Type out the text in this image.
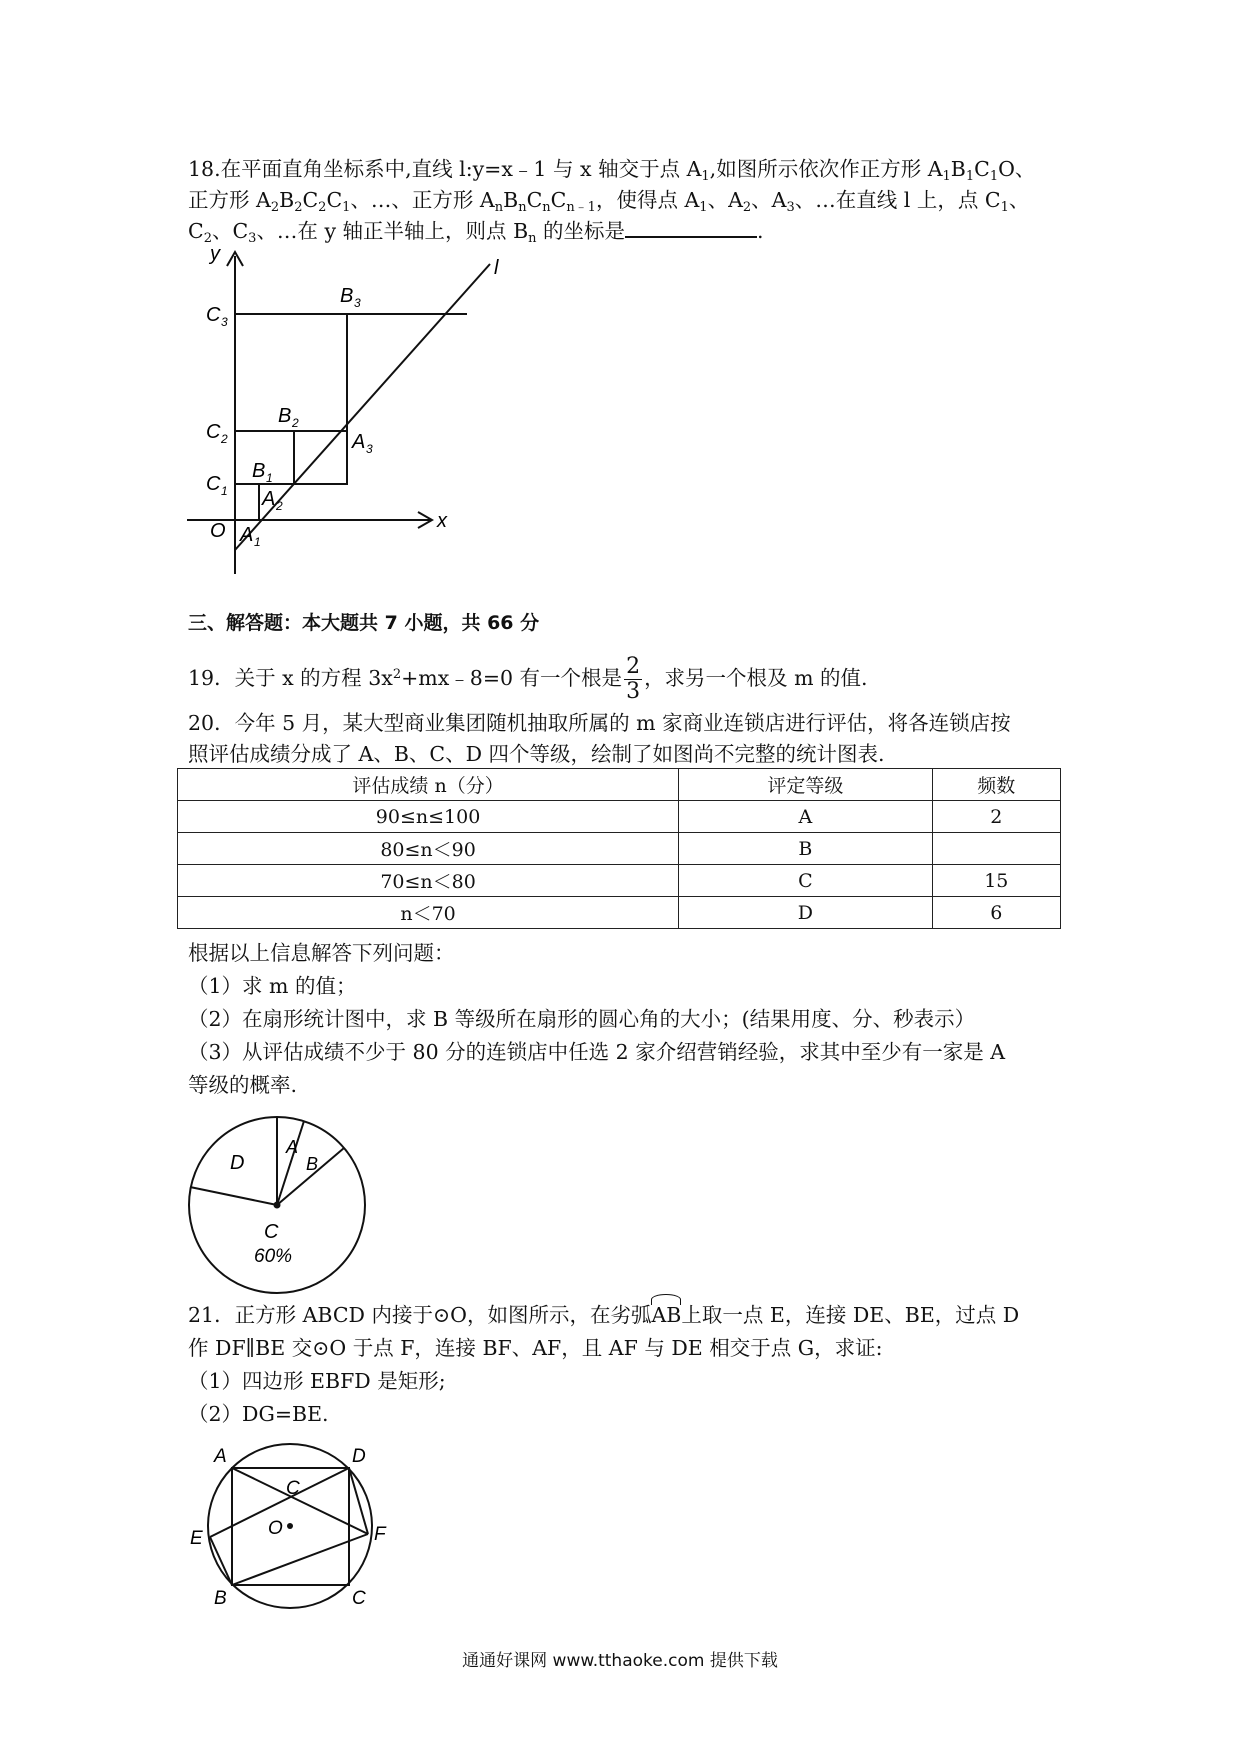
18.在平面直角坐标系中,直线 l:y=x﹣1 与 x 轴交于点 $A_1$,如图所示依次作正方形 $A_1B_1C_1O$、
正方形 $A_2B_2C_2C_1$、…、正方形 $A_nB_nC_nC_{n﹣1}$，使得点 $A_1$、$A_2$、$A_3$、…在直线 l 上，点 $C_1$、
$C_2$、$C_3$、…在 y 轴正半轴上，则点 $B_n$ 的坐标是	.
y
x
l
O
C 3
C 2
C 1
B 3
B 2
B 1
A 1
A 2
A 3
三、解答题：本大题共 7 小题，共 66 分
19．关于 x 的方程 $3x^2+mx﹣8=0$ 有一个根是 $\frac{2}{3}$ ，求另一个根及 m 的值.
20．今年 5 月，某大型商业集团随机抽取所属的 m 家商业连锁店进行评估，将各连锁店按
照评估成绩分成了 A、B、C、D 四个等级，绘制了如图尚不完整的统计图表.
评估成绩 n（分）	评定等级	频数
90≤n≤100	A	2
80≤n＜90	B	
70≤n＜80	C	15
n＜70	D	6
根据以上信息解答下列问题：
（1）求 m 的值；
（2）在扇形统计图中，求 B 等级所在扇形的圆心角的大小；(结果用度、分、秒表示）
（3）从评估成绩不少于 80 分的连锁店中任选 2 家介绍营销经验，求其中至少有一家是 A
等级的概率.
D
A
B
C
60%
21．正方形 ABCD 内接于⊙O，如图所示，在劣弧AB上取一点 E，连接 DE、BE，过点 D
作 DF∥BE 交⊙O 于点 F，连接 BF、AF，且 AF 与 DE 相交于点 G，求证:
（1）四边形 EBFD 是矩形;
（2）DG=BE.
A	D
C
O
E	F
B	C
通通好课网 www.tthaoke.com 提供下载
